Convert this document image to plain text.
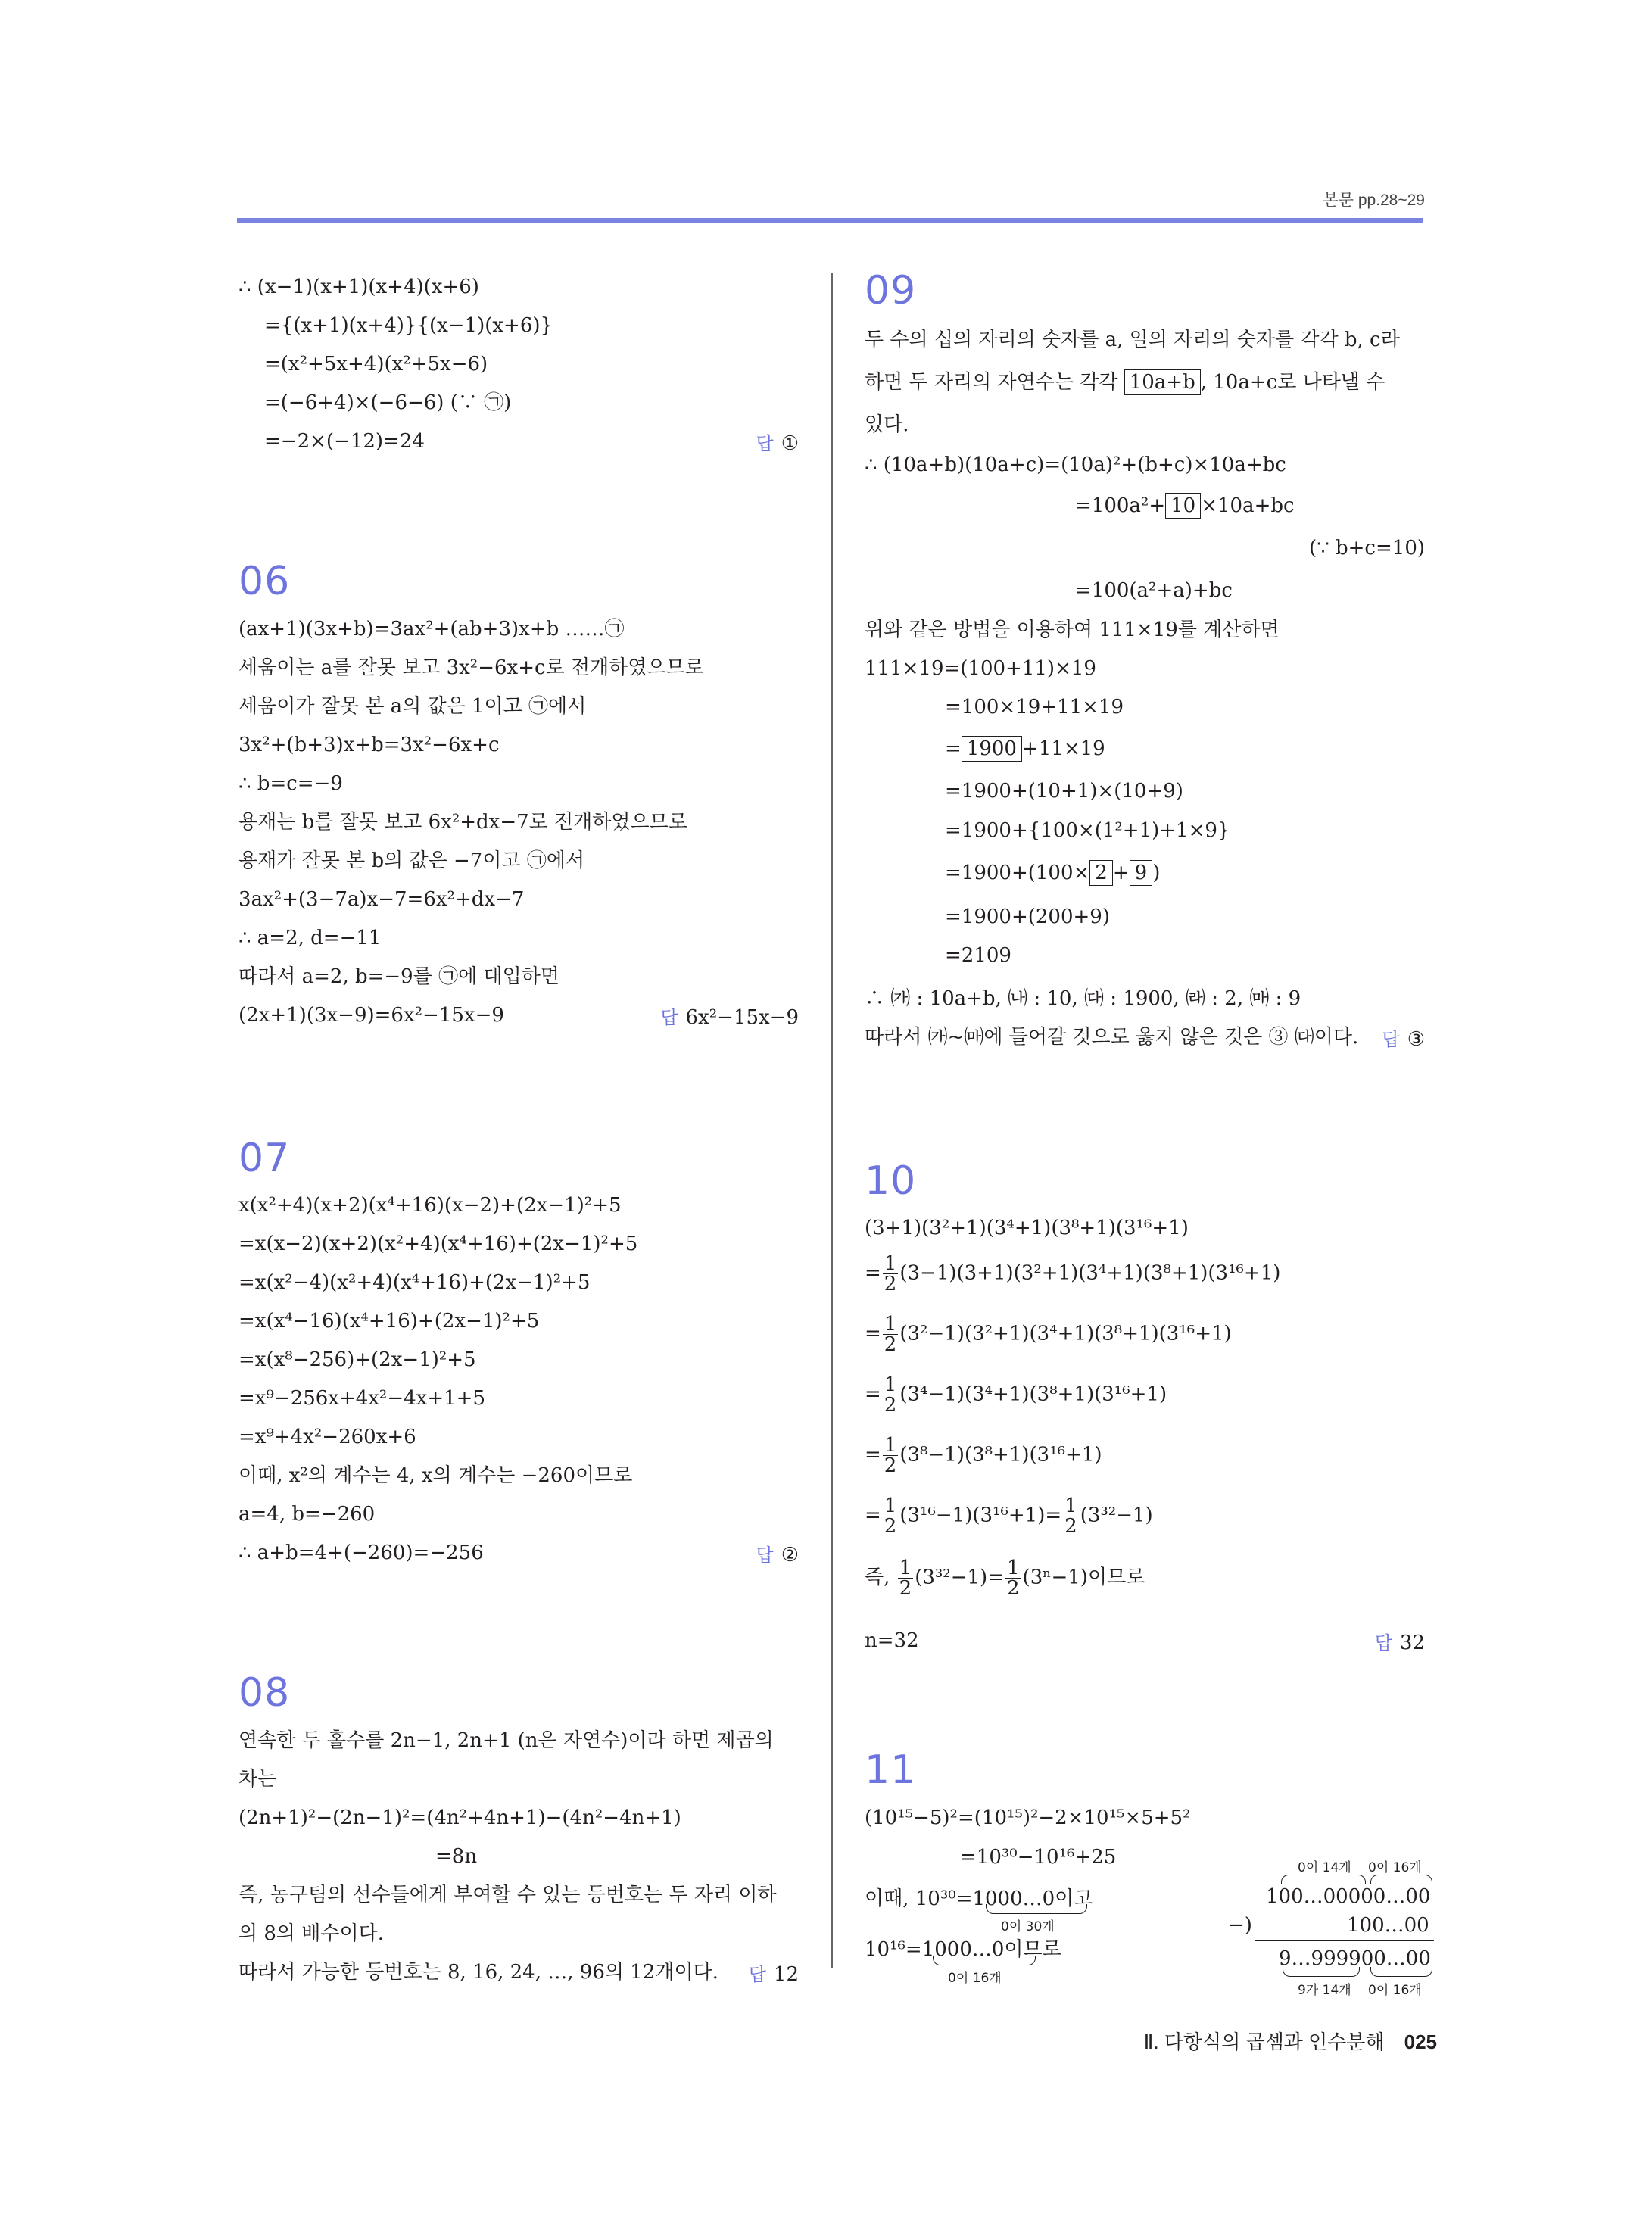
본문 pp.28~29
∴ (x−1)(x+1)(x+4)(x+6)
={(x+1)(x+4)}{(x−1)(x+6)}
=(x²+5x+4)(x²+5x−6)
=(−6+4)×(−6−6) (∵ ㉠)
=−2×(−12)=24	답 ①
06
(ax+1)(3x+b)=3ax²+(ab+3)x+b ……㉠
세움이는 a를 잘못 보고 3x²−6x+c로 전개하였으므로
세움이가 잘못 본 a의 값은 1이고 ㉠에서
3x²+(b+3)x+b=3x²−6x+c
∴ b=c=−9
용재는 b를 잘못 보고 6x²+dx−7로 전개하였으므로
용재가 잘못 본 b의 값은 −7이고 ㉠에서
3ax²+(3−7a)x−7=6x²+dx−7
∴ a=2, d=−11
따라서 a=2, b=−9를 ㉠에 대입하면
(2x+1)(3x−9)=6x²−15x−9	답 6x²−15x−9
07
x(x²+4)(x+2)(x⁴+16)(x−2)+(2x−1)²+5
=x(x−2)(x+2)(x²+4)(x⁴+16)+(2x−1)²+5
=x(x²−4)(x²+4)(x⁴+16)+(2x−1)²+5
=x(x⁴−16)(x⁴+16)+(2x−1)²+5
=x(x⁸−256)+(2x−1)²+5
=x⁹−256x+4x²−4x+1+5
=x⁹+4x²−260x+6
이때, x²의 계수는 4, x의 계수는 −260이므로
a=4, b=−260
∴ a+b=4+(−260)=−256	답 ②
08
연속한 두 홀수를 2n−1, 2n+1 (n은 자연수)이라 하면 제곱의
차는
(2n+1)²−(2n−1)²=(4n²+4n+1)−(4n²−4n+1)
=8n
즉, 농구팀의 선수들에게 부여할 수 있는 등번호는 두 자리 이하
의 8의 배수이다.
따라서 가능한 등번호는 8, 16, 24, …, 96의 12개이다. 답 12
09
두 수의 십의 자리의 숫자를 a, 일의 자리의 숫자를 각각 b, c라
하면 두 자리의 자연수는 각각 10a+b , 10a+c로 나타낼 수
있다.
∴ (10a+b)(10a+c)=(10a)²+(b+c)×10a+bc
=100a²+ 10 ×10a+bc
(∵ b+c=10)
=100(a²+a)+bc
위와 같은 방법을 이용하여 111×19를 계산하면
111×19=(100+11)×19
=100×19+11×19
= 1900 +11×19
=1900+(10+1)×(10+9)
=1900+{100×(1²+1)+1×9}
=1900+(100× 2 + 9 )
=1900+(200+9)
=2109
∴ ㈎ : 10a+b, ㈏ : 10, ㈐ : 1900, ㈑ : 2, ㈒ : 9
따라서 ㈎~㈒에 들어갈 것으로 옳지 않은 것은 ③ ㈐이다. 답 ③
10
(3+1)(3²+1)(3⁴+1)(3⁸+1)(3¹⁶+1)
= $\frac{1}{2} (3-1)(3+1)(3^2+1)(3^4+1)(3^8+1)(3^{16}+1)$
= $\frac{1}{2} (3^2-1)(3^2+1)(3^4+1)(3^8+1)(3^{16}+1)$
= $\frac{1}{2} (3^4-1)(3^4+1)(3^8+1)(3^{16}+1)$
= $\frac{1}{2} (3^8-1)(3^8+1)(3^{16}+1)$
= $\frac{1}{2} (3^{16}-1)(3^{16}+1)= \frac{1}{2} (3^{32}-1)$
즉, $\frac{1}{2} (3^{32}-1)= \frac{1}{2} (3^n-1)$이므로
n=32	답 32
11
(10¹⁵−5)²=(10¹⁵)²−2×10¹⁵×5+5²
=10³⁰−10¹⁶+25
이때, 10³⁰=1000…0이고
0이 30개
10¹⁶=1000…0이므로
0이 16개
0이 14개 0이 16개
100…00000…00
−)	100…00
9…999900…00
9가 14개 0이 16개
Ⅱ. 다항식의 곱셈과 인수분해 025
